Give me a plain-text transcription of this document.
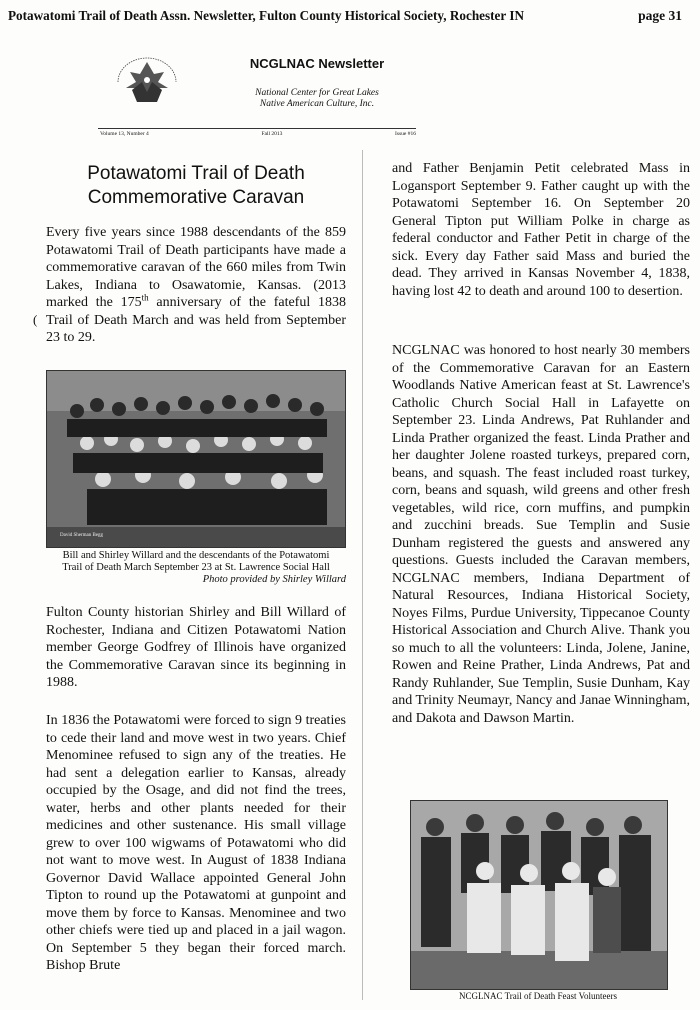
Potawatomi Trail of Death Assn. Newsletter, Fulton County Historical Society, Rochester IN	page 31
NCGLNAC Newsletter
National Center for Great Lakes
Native American Culture, Inc.
Volume 13, Number 4	Fall 2013	Issue #16
Potawatomi Trail of Death
Commemorative Caravan
Every five years since 1988 descendants of the 859 Potawatomi Trail of Death participants have made a commemorative caravan of the 660 miles from Twin Lakes, Indiana to Osawatomie, Kansas. (2013 marked the 175th anniversary of the fateful 1838 Trail of Death March and was held from September 23 to 29.
(
David Sherman Begg
Bill and Shirley Willard and the descendants of the Potawatomi
Trail of Death March September 23 at St. Lawrence Social Hall
Photo provided by Shirley Willard
Fulton County historian Shirley and Bill Willard of Rochester, Indiana and Citizen Potawatomi Nation member George Godfrey of Illinois have organized the Commemorative Caravan since its beginning in 1988.
In 1836 the Potawatomi were forced to sign 9 treaties to cede their land and move west in two years. Chief Menominee refused to sign any of the treaties. He had sent a delegation earlier to Kansas, already occupied by the Osage, and did not find the trees, water, herbs and other plants needed for their medicines and other sustenance. His small village grew to over 100 wigwams of Potawatomi who did not want to move west. In August of 1838 Indiana Governor David Wallace appointed General John Tipton to round up the Potawatomi at gunpoint and move them by force to Kansas. Menominee and two other chiefs were tied up and placed in a jail wagon. On September 5 they began their forced march. Bishop Brute
and Father Benjamin Petit celebrated Mass in Logansport September 9. Father caught up with the Potawatomi September 16. On September 20 General Tipton put William Polke in charge as federal conductor and Father Petit in charge of the sick. Every day Father said Mass and buried the dead. They arrived in Kansas November 4, 1838, having lost 42 to death and around 100 to desertion.
NCGLNAC was honored to host nearly 30 members of the Commemorative Caravan for an Eastern Woodlands Native American feast at St. Lawrence's Catholic Church Social Hall in Lafayette on September 23. Linda Andrews, Pat Ruhlander and Linda Prather organized the feast. Linda Prather and her daughter Jolene roasted turkeys, prepared corn, beans, and squash. The feast included roast turkey, corn, beans and squash, wild greens and other fresh vegetables, wild rice, corn muffins, and pumpkin and zucchini breads. Sue Templin and Susie Dunham registered the guests and answered any questions. Guests included the Caravan members, NCGLNAC members, Indiana Department of Natural Resources, Indiana Historical Society, Noyes Films, Purdue University, Tippecanoe County Historical Association and Church Alive. Thank you so much to all the volunteers: Linda, Jolene, Janine, Rowen and Reine Prather, Linda Andrews, Pat and Randy Ruhlander, Sue Templin, Susie Dunham, Kay and Trinity Neumayr, Nancy and Janae Winningham, and Dakota and Dawson Martin.
NCGLNAC Trail of Death Feast Volunteers
